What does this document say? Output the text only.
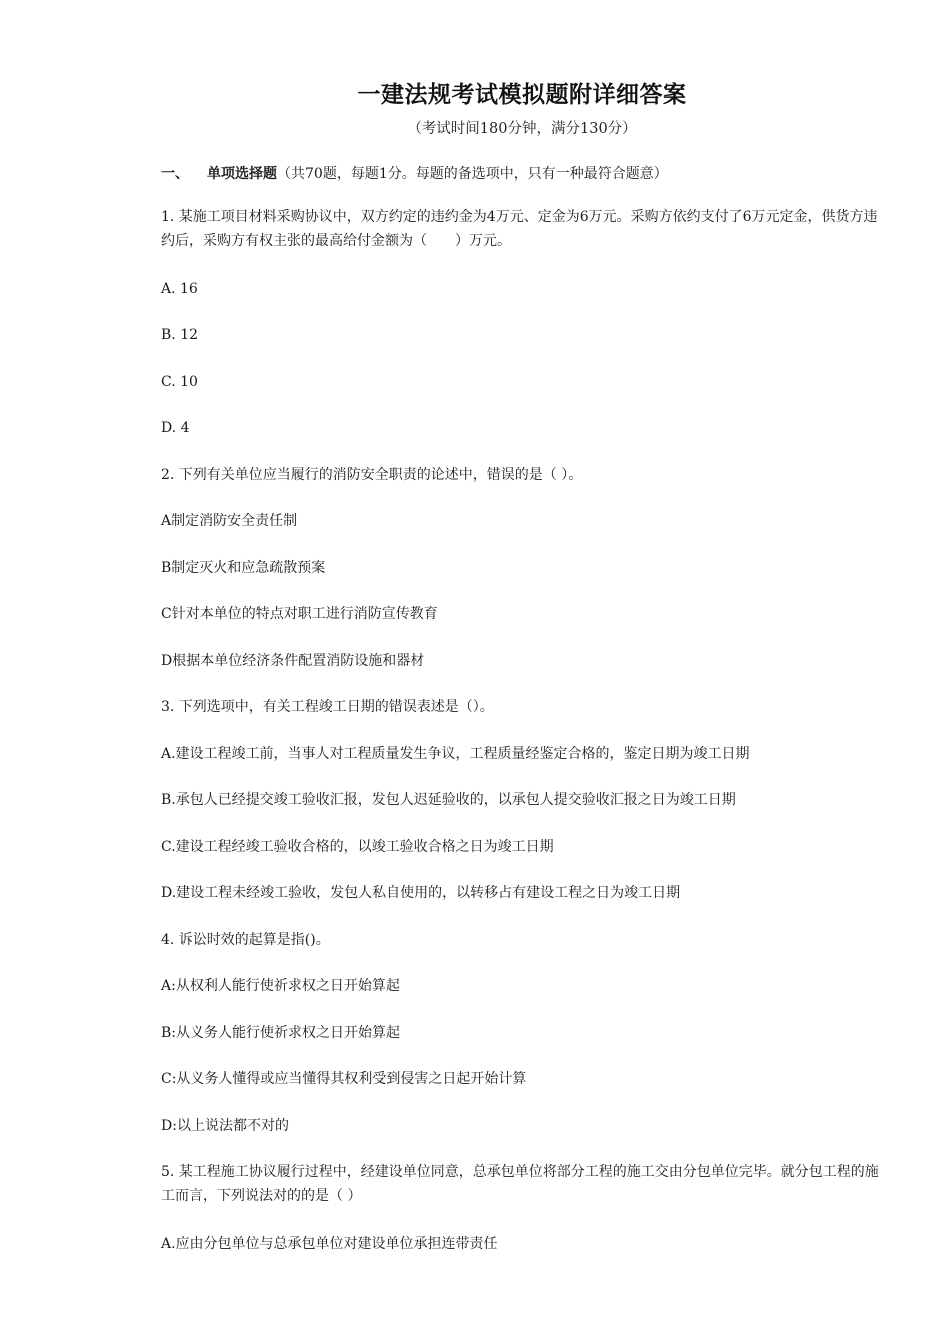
一建法规考试模拟题附详细答案
（考试时间180分钟，满分130分）
一、 单项选择题（共70题，每题1分。每题的备选项中，只有一种最符合题意）
1. 某施工项目材料采购协议中，双方约定的违约金为4万元、定金为6万元。采购方依约支付了6万元定金，供货方违约后，采购方有权主张的最高给付金额为（　　）万元。
A. 16
B. 12
C. 10
D. 4
2. 下列有关单位应当履行的消防安全职责的论述中，错误的是（ ）。
A制定消防安全责任制
B制定灭火和应急疏散预案
C针对本单位的特点对职工进行消防宣传教育
D根据本单位经济条件配置消防设施和器材
3. 下列选项中，有关工程竣工日期的错误表述是（）。
A.建设工程竣工前，当事人对工程质量发生争议，工程质量经鉴定合格的，鉴定日期为竣工日期
B.承包人已经提交竣工验收汇报，发包人迟延验收的，以承包人提交验收汇报之日为竣工日期
C.建设工程经竣工验收合格的，以竣工验收合格之日为竣工日期
D.建设工程未经竣工验收，发包人私自使用的，以转移占有建设工程之日为竣工日期
4. 诉讼时效的起算是指()。
A:从权利人能行使祈求权之日开始算起
B:从义务人能行使祈求权之日开始算起
C:从义务人懂得或应当懂得其权利受到侵害之日起开始计算
D:以上说法都不对的
5. 某工程施工协议履行过程中，经建设单位同意，总承包单位将部分工程的施工交由分包单位完毕。就分包工程的施工而言，下列说法对的的是（ ）
A.应由分包单位与总承包单位对建设单位承担连带责任
